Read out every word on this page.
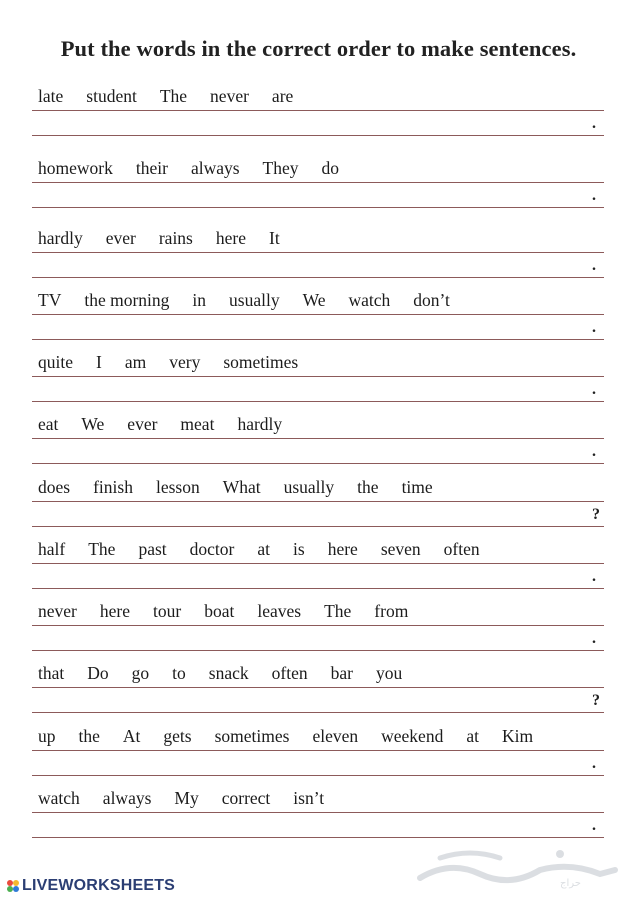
Put the words in the correct order to make sentences.
late student The never are
.
homework their always They do
.
hardly ever rains here It
.
TV the morning in usually We watch don’t
.
quite I am very sometimes
.
eat We ever meat hardly
.
does finish lesson What usually the time
?
half The past doctor at is here seven often
.
never here tour boat leaves The from
.
that Do go to snack often bar you
?
up the At gets sometimes eleven weekend at Kim
.
watch always My correct isn’t
.
LIVEWORKSHEETS	حراج
